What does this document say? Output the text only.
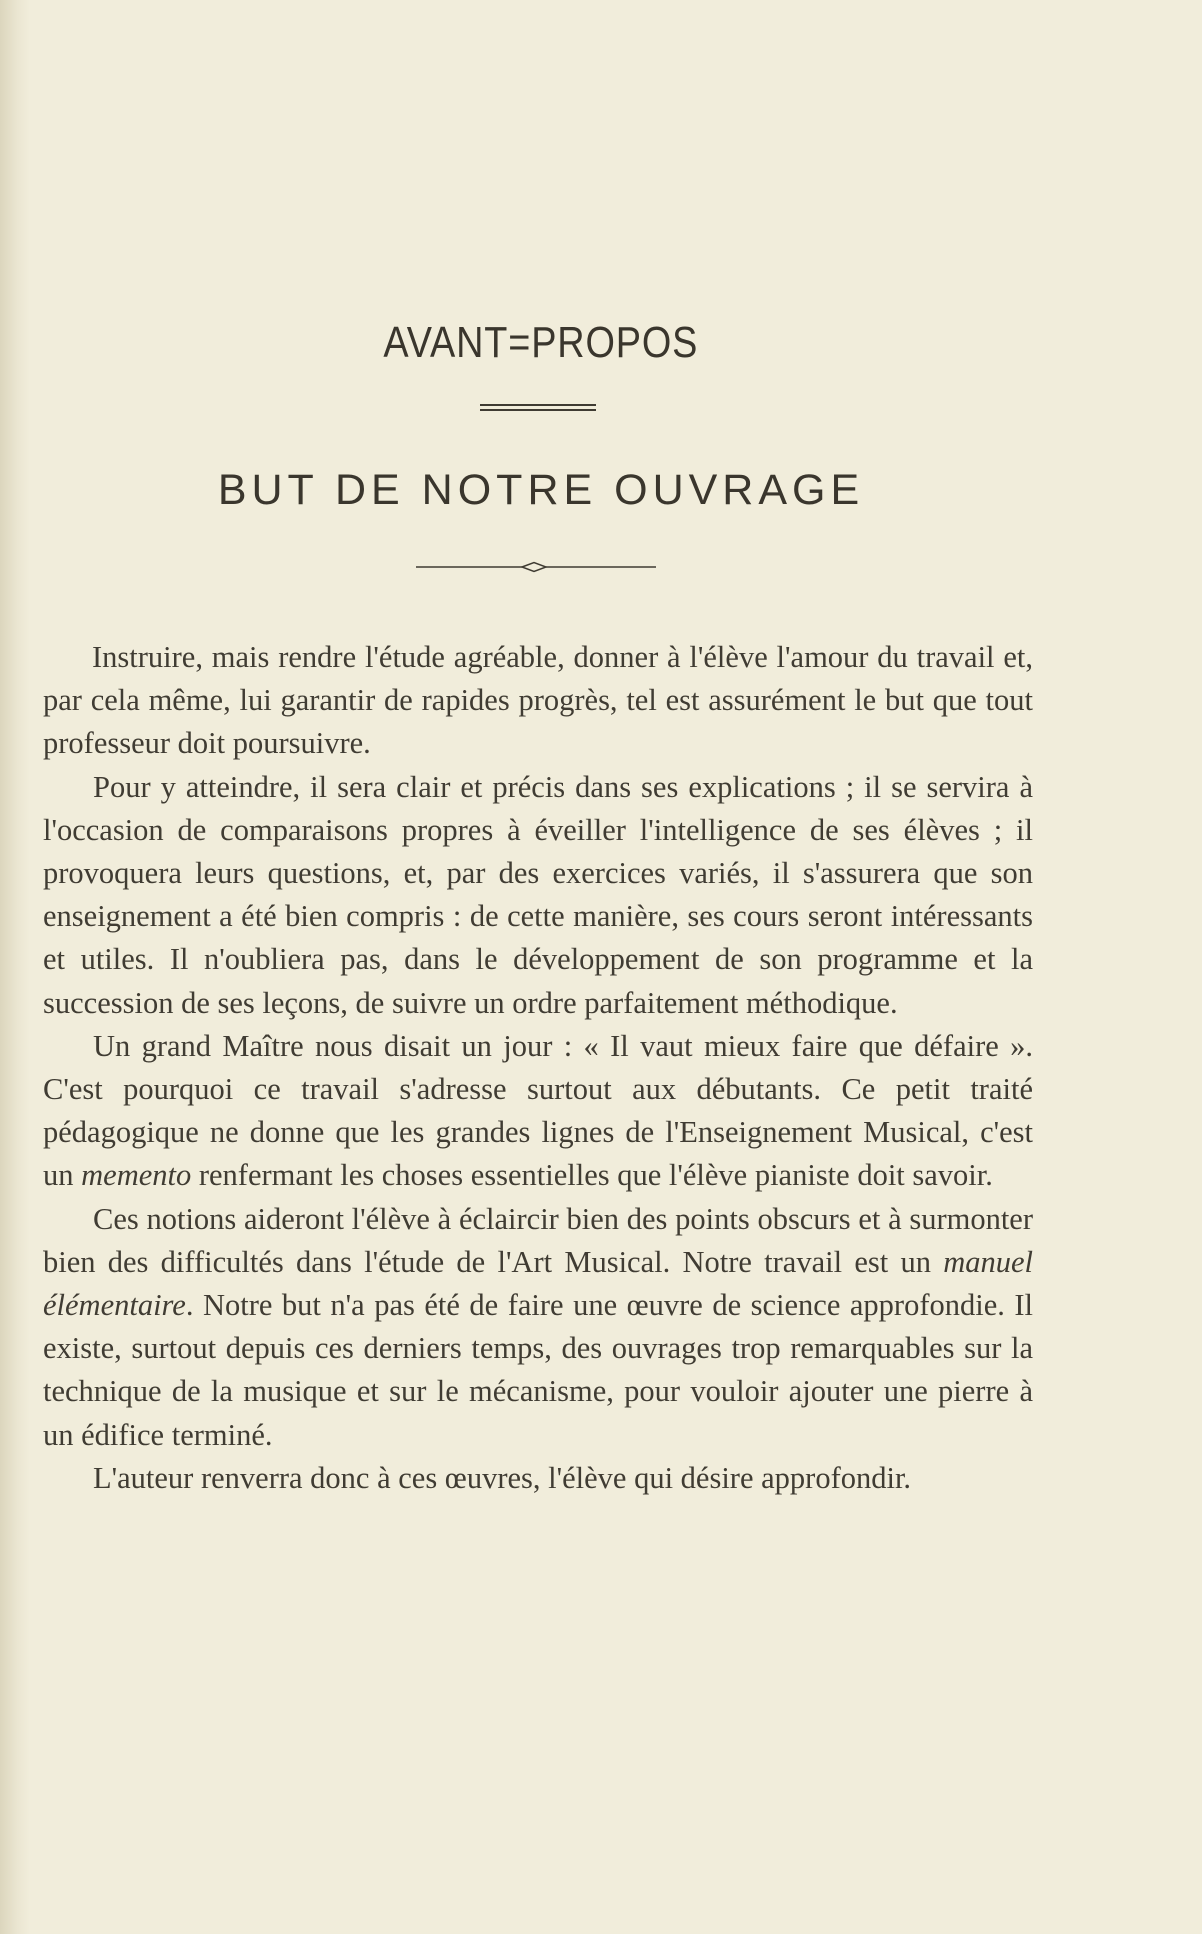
AVANT=PROPOS
BUT DE NOTRE OUVRAGE

Instruire, mais rendre l'étude agréable, donner à l'élève l'amour du travail et, par cela même, lui garantir de rapides progrès, tel est assurément le but que tout professeur doit poursuivre.

Pour y atteindre, il sera clair et précis dans ses explications ; il se servira à l'occasion de comparaisons propres à éveiller l'intelligence de ses élèves ; il provoquera leurs questions, et, par des exercices variés, il s'assurera que son enseignement a été bien compris : de cette manière, ses cours seront intéressants et utiles. Il n'oubliera pas, dans le développement de son programme et la succession de ses leçons, de suivre un ordre parfaitement méthodique.

Un grand Maître nous disait un jour : « Il vaut mieux faire que défaire ». C'est pourquoi ce travail s'adresse surtout aux débutants. Ce petit traité pédagogique ne donne que les grandes lignes de l'Enseignement Musical, c'est un memento renfermant les choses essentielles que l'élève pianiste doit savoir.

Ces notions aideront l'élève à éclaircir bien des points obscurs et à surmonter bien des difficultés dans l'étude de l'Art Musical. Notre travail est un manuel élémentaire. Notre but n'a pas été de faire une œuvre de science approfondie. Il existe, surtout depuis ces derniers temps, des ouvrages trop remarquables sur la technique de la musique et sur le mécanisme, pour vouloir ajouter une pierre à un édifice terminé.

L'auteur renverra donc à ces œuvres, l'élève qui désire approfondir.
